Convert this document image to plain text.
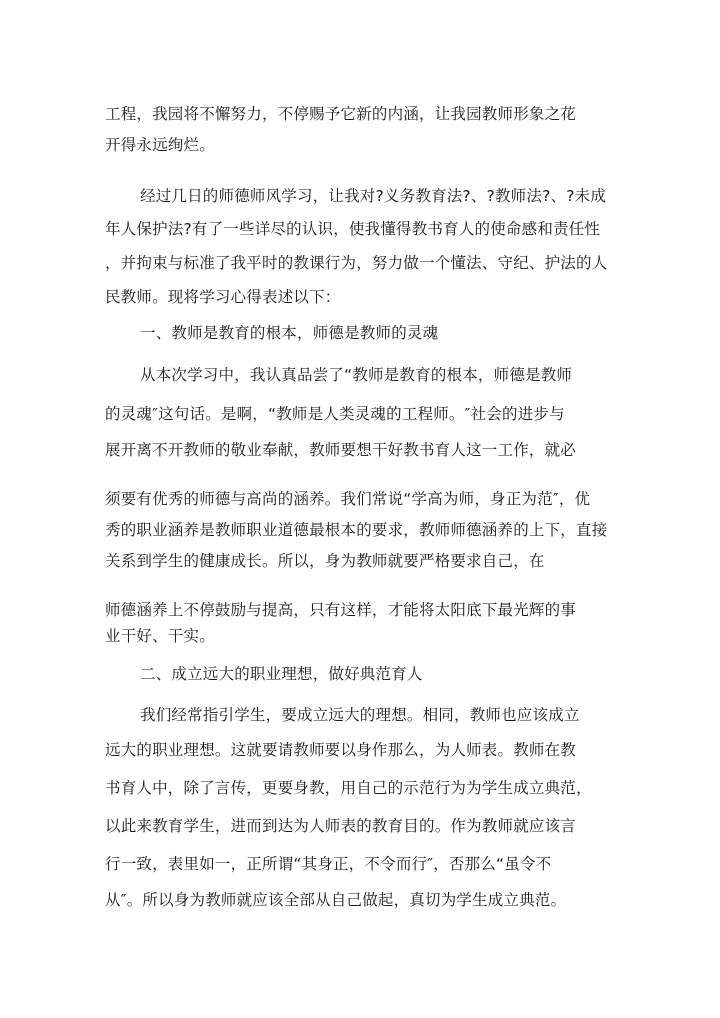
工程，我园将不懈努力，不停赐予它新的内涵，让我园教师形象之花
开得永远绚烂。
经过几日的师德师风学习，让我对?义务教育法?、?教师法?、?未成
年人保护法?有了一些详尽的认识，使我懂得教书育人的使命感和责任性
，并拘束与标准了我平时的教课行为，努力做一个懂法、守纪、护法的人
民教师。现将学习心得表述以下：
一、教师是教育的根本，师德是教师的灵魂
从本次学习中，我认真品尝了“教师是教育的根本，师德是教师
的灵魂″这句话。是啊，“教师是人类灵魂的工程师。″社会的进步与
展开离不开教师的敬业奉献，教师要想干好教书育人这一工作，就必
须要有优秀的师德与高尚的涵养。我们常说“学高为师，身正为范″，优
秀的职业涵养是教师职业道德最根本的要求，教师师德涵养的上下，直接
关系到学生的健康成长。所以，身为教师就要严格要求自己，在
师德涵养上不停鼓励与提高，只有这样，才能将太阳底下最光辉的事
业干好、干实。
二、成立远大的职业理想，做好典范育人
我们经常指引学生，要成立远大的理想。相同，教师也应该成立
远大的职业理想。这就要请教师要以身作那么，为人师表。教师在教
书育人中，除了言传，更要身教，用自己的示范行为为学生成立典范，
以此来教育学生，进而到达为人师表的教育目的。作为教师就应该言
行一致，表里如一，正所谓“其身正，不令而行″，否那么“虽令不
从″。所以身为教师就应该全部从自己做起，真切为学生成立典范。
